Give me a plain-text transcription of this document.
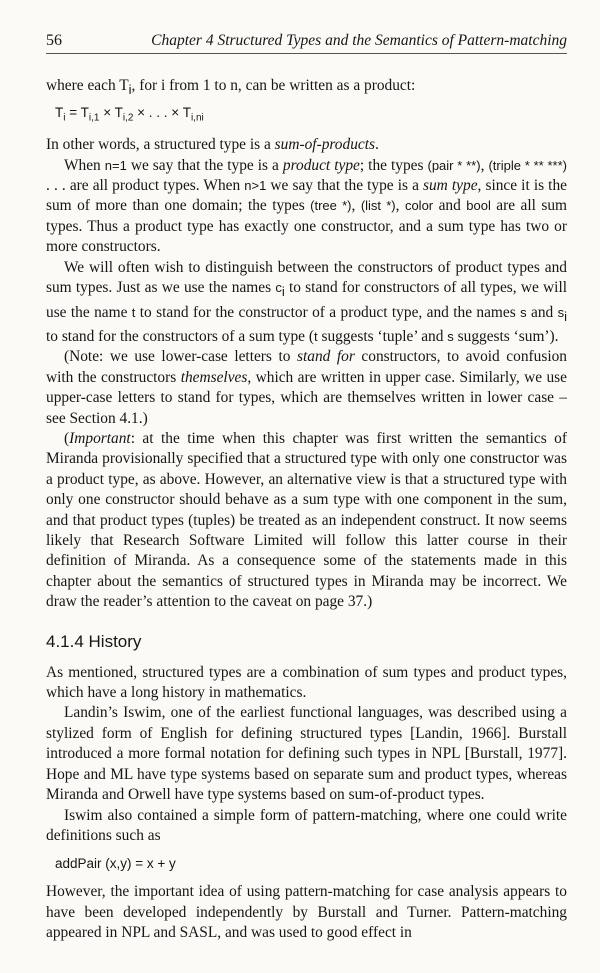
56	Chapter 4 Structured Types and the Semantics of Pattern-matching

where each $T_i$, for i from 1 to n, can be written as a product:

$T_i = T_{i,1} \times T_{i,2}$ × . . . × $T_{i,ni}$

In other words, a structured type is a sum-of-products.

When n=1 we say that the type is a product type; the types (pair * **), (triple * ** ***) . . . are all product types. When n>1 we say that the type is a sum type, since it is the sum of more than one domain; the types (tree *), (list *), color and bool are all sum types. Thus a product type has exactly one constructor, and a sum type has two or more constructors.

We will often wish to distinguish between the constructors of product types and sum types. Just as we use the names $c_i$ to stand for constructors of all types, we will use the name t to stand for the constructor of a product type, and the names s and $s_i$ to stand for the constructors of a sum type (t suggests ‘tuple’ and s suggests ‘sum’).

(Note: we use lower-case letters to stand for constructors, to avoid confusion with the constructors themselves, which are written in upper case. Similarly, we use upper-case letters to stand for types, which are themselves written in lower case – see Section 4.1.)

(Important: at the time when this chapter was first written the semantics of Miranda provisionally specified that a structured type with only one constructor was a product type, as above. However, an alternative view is that a structured type with only one constructor should behave as a sum type with one component in the sum, and that product types (tuples) be treated as an independent construct. It now seems likely that Research Software Limited will follow this latter course in their definition of Miranda. As a consequence some of the statements made in this chapter about the semantics of structured types in Miranda may be incorrect. We draw the reader’s attention to the caveat on page 37.)

4.1.4 History

As mentioned, structured types are a combination of sum types and product types, which have a long history in mathematics.

Landin’s Iswim, one of the earliest functional languages, was described using a stylized form of English for defining structured types [Landin, 1966]. Burstall introduced a more formal notation for defining such types in NPL [Burstall, 1977]. Hope and ML have type systems based on separate sum and product types, whereas Miranda and Orwell have type systems based on sum-of-product types.

Iswim also contained a simple form of pattern-matching, where one could write definitions such as

addPair (x,y) = x + y

However, the important idea of using pattern-matching for case analysis appears to have been developed independently by Burstall and Turner. Pattern-matching appeared in NPL and SASL, and was used to good effect in
